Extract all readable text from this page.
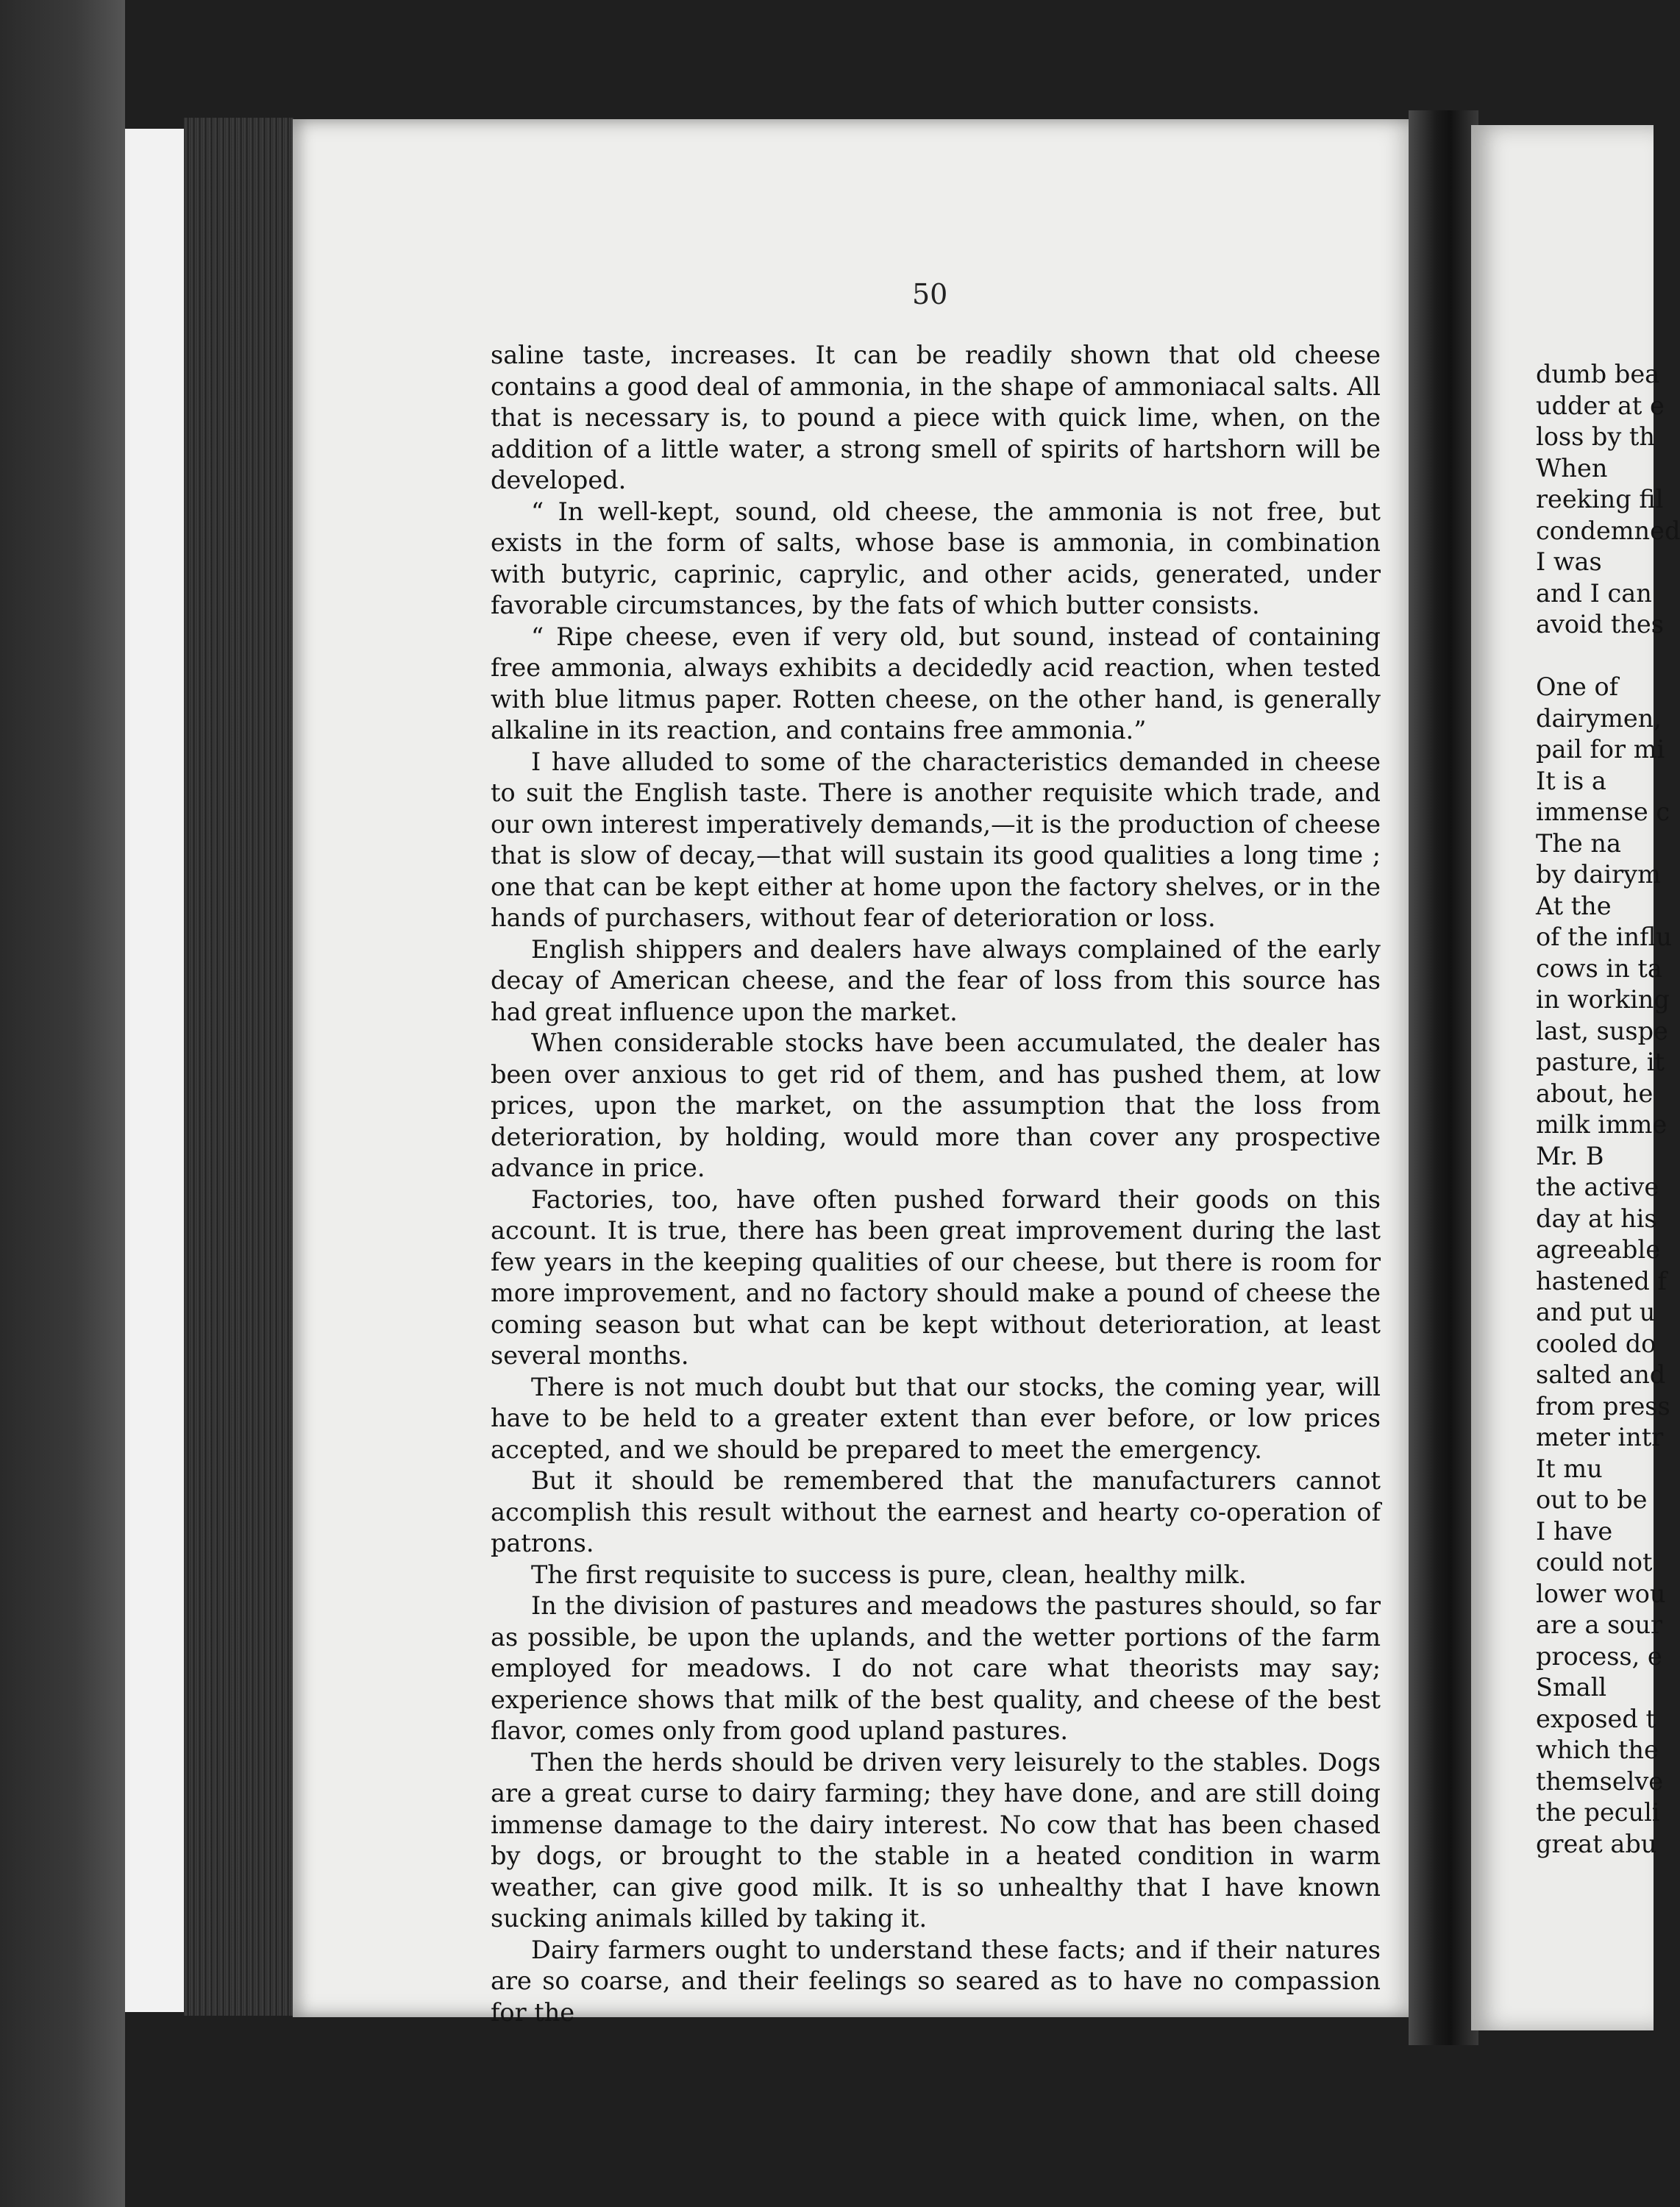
50

saline taste, increases. It can be readily shown that old cheese contains a good deal of ammonia, in the shape of ammoniacal salts. All that is necessary is, to pound a piece with quick lime, when, on the addition of a little water, a strong smell of spirits of hartshorn will be developed.

“ In well-kept, sound, old cheese, the ammonia is not free, but exists in the form of salts, whose base is ammonia, in combination with butyric, caprinic, caprylic, and other acids, generated, under favorable circumstances, by the fats of which butter consists.

“ Ripe cheese, even if very old, but sound, instead of containing free ammonia, always exhibits a decidedly acid reaction, when tested with blue litmus paper. Rotten cheese, on the other hand, is generally alkaline in its reaction, and contains free ammonia.”

I have alluded to some of the characteristics demanded in cheese to suit the English taste. There is another requisite which trade, and our own interest imperatively demands,—it is the production of cheese that is slow of decay,—that will sustain its good qualities a long time ; one that can be kept either at home upon the factory shelves, or in the hands of purchasers, without fear of deterioration or loss.

English shippers and dealers have always complained of the early decay of American cheese, and the fear of loss from this source has had great influence upon the market.

When considerable stocks have been accumulated, the dealer has been over anxious to get rid of them, and has pushed them, at low prices, upon the market, on the assumption that the loss from deterioration, by holding, would more than cover any prospective advance in price.

Factories, too, have often pushed forward their goods on this account. It is true, there has been great improvement during the last few years in the keeping qualities of our cheese, but there is room for more improvement, and no factory should make a pound of cheese the coming season but what can be kept without deterioration, at least several months.

There is not much doubt but that our stocks, the coming year, will have to be held to a greater extent than ever before, or low prices accepted, and we should be prepared to meet the emergency.

But it should be remembered that the manufacturers cannot accomplish this result without the earnest and hearty co-operation of patrons.

The first requisite to success is pure, clean, healthy milk.

In the division of pastures and meadows the pastures should, so far as possible, be upon the uplands, and the wetter portions of the farm employed for meadows. I do not care what theorists may say; experience shows that milk of the best quality, and cheese of the best flavor, comes only from good upland pastures.

Then the herds should be driven very leisurely to the stables. Dogs are a great curse to dairy farming; they have done, and are still doing immense damage to the dairy interest. No cow that has been chased by dogs, or brought to the stable in a heated condition in warm weather, can give good milk. It is so unhealthy that I have known sucking animals killed by taking it.

Dairy farmers ought to understand these facts; and if their natures are so coarse, and their feelings so seared as to have no compassion for the

dumb bea
udder at e
loss by th
When
reeking fil
condemned
I was
and I can
avoid thes
One of
dairymen,
pail for mi
It is a
immense c
The na
by dairym
At the
of the influ
cows in ta
in working
last, suspe
pasture, it
about, he
milk imme
Mr. B
the active
day at his
agreeable
hastened f
and put u
cooled do
salted and
from press
meter intr
It mu
out to be
I have
could not
lower wou
are a sour
process, e
Small
exposed t
which the
themselve
the peculi
great abu
